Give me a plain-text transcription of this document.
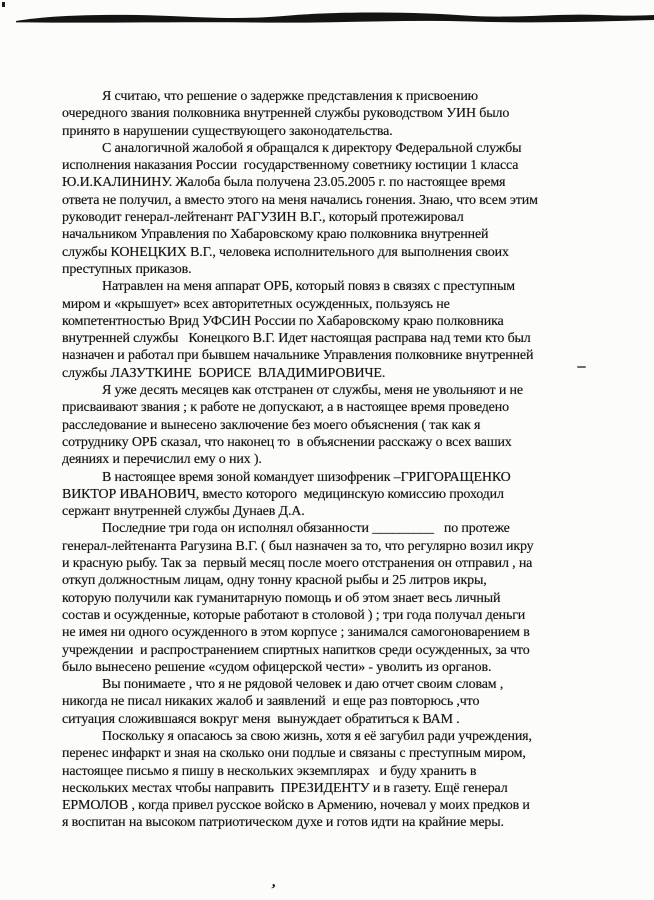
’
Я считаю, что решение о задержке представления к присвоению
очередного звания полковника внутренней службы руководством УИН было
принято в нарушении существующего законодательства.
С аналогичной жалобой я обращался к директору Федеральной службы
исполнения наказания России  государственному советнику юстиции 1 класса
Ю.И.КАЛИНИНУ. Жалоба была получена 23.05.2005 г. по настоящее время
ответа не получил, а вместо этого на меня начались гонения. Знаю, что всем этим
руководит генерал-лейтенант РАГУЗИН В.Г., который протежировал
начальником Управления по Хабаровскому краю полковника внутренней
службы КОНЕЦКИХ В.Г., человека исполнительного для выполнения своих
преступных приказов.
Натравлен на меня аппарат ОРБ, который повяз в связях с преступным
миром и «крышует» всех авторитетных осужденных, пользуясь не
компетентностью Врид УФСИН России по Хабаровскому краю полковника
внутренней службы   Конецкого В.Г. Идет настоящая расправа над теми кто был
назначен и работал при бывшем начальнике Управления полковнике внутренней
службы ЛАЗУТКИНЕ  БОРИСЕ  ВЛАДИМИРОВИЧЕ.
Я уже десять месяцев как отстранен от службы, меня не увольняют и не
присваивают звания ; к работе не допускают, а в настоящее время проведено
расследование и вынесено заключение без моего объяснения ( так как я
сотруднику ОРБ сказал, что наконец то  в объяснении расскажу о всех ваших
деяниях и перечислил ему о них ).
В настоящее время зоной командует шизофреник –ГРИГОРАЩЕНКО
ВИКТОР ИВАНОВИЧ, вместо которого  медицинскую комиссию проходил
сержант внутренней службы Дунаев Д.А.
Последние три года он исполнял обязанности _________   по протеже
генерал-лейтенанта Рагузина В.Г. ( был назначен за то, что регулярно возил икру
и красную рыбу. Так за  первый месяц после моего отстранения он отправил , на
откуп должностным лицам, одну тонну красной рыбы и 25 литров икры,
которую получили как гуманитарную помощь и об этом знает весь личный
состав и осужденные, которые работают в столовой ) ; три года получал деньги
не имея ни одного осужденного в этом корпусе ; занимался самогоноварением в
учреждении  и распространением спиртных напитков среди осужденных, за что
было вынесено решение «судом офицерской чести» - уволить из органов.
Вы понимаете , что я не рядовой человек и даю отчет своим словам ,
никогда не писал никаких жалоб и заявлений  и еще раз повторюсь ,что
ситуация сложившаяся вокруг меня  вынуждает обратиться к ВАМ .
Поскольку я опасаюсь за свою жизнь, хотя я её загубил ради учреждения,
перенес инфаркт и зная на сколько они подлые и связаны с преступным миром,
настоящее письмо я пишу в нескольких экземплярах   и буду хранить в
нескольких местах чтобы направить  ПРЕЗИДЕНТУ и в газету. Ещё генерал
ЕРМОЛОВ , когда привел русское войско в Армению, ночевал у моих предков и
я воспитан на высоком патриотическом духе и готов идти на крайние меры.
